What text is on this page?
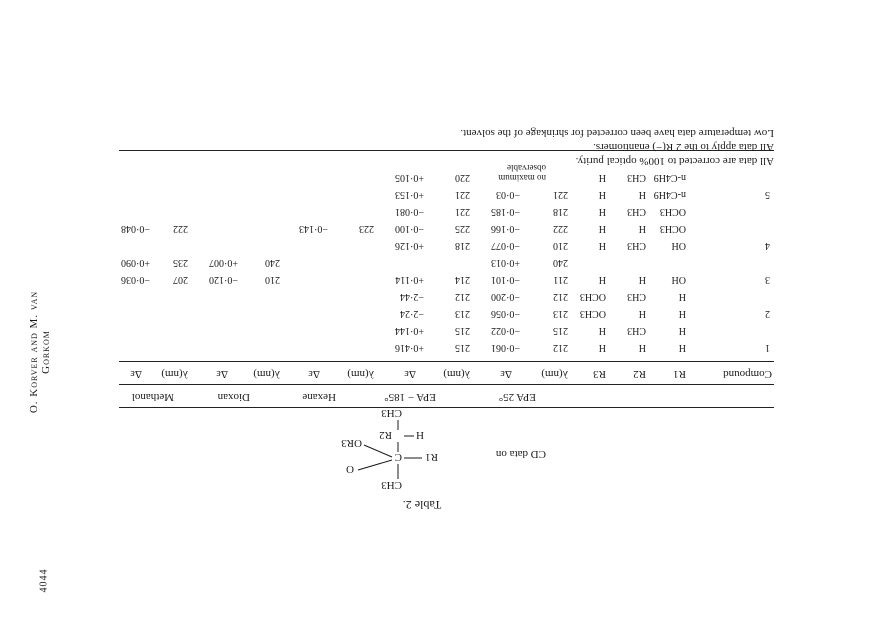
4044
O. Korver and M. van Gorkom
Table 2.
CD data on
CH3
R1
C
O
OR3
H
R2
CH3
EPA 25°
EPA − 185°
Hexane
Dioxan
Methanol
Compound
R1
R2
R3
λ(nm)
Δε
λ(nm)
Δε
λ(nm)
Δε
λ(nm)
Δε
λ(nm)
Δε
1
H
H
H
212
−0·061
215
+0·416
H
CH3
H
215
−0·022
215
+0·144
2
H
H
OCH3
213
−0·056
213
−2·24
H
CH3
OCH3
212
−0·200
212
−2·44
3
OH
H
H
211
−0·101
214
+0·114
210
−0·120
207
−0·036
240
+0·013
240
+0·007
235
+0·090
4
OH
CH3
H
210
−0·077
218
+0·126
OCH3
H
H
222
−0·166
225
−0·100
223
−0·143
222
−0·048
OCH3
CH3
H
218
−0·185
221
−0·081
5
n-C4H9
H
H
221
−0·03
221
+0·153
n-C4H9
CH3
H
no maximum observable
220
+0·105
All data are corrected to 100% optical purity.
All data apply to the 2 R(−) enantiomers.
Low temperature data have been corrected for shrinkage of the solvent.
